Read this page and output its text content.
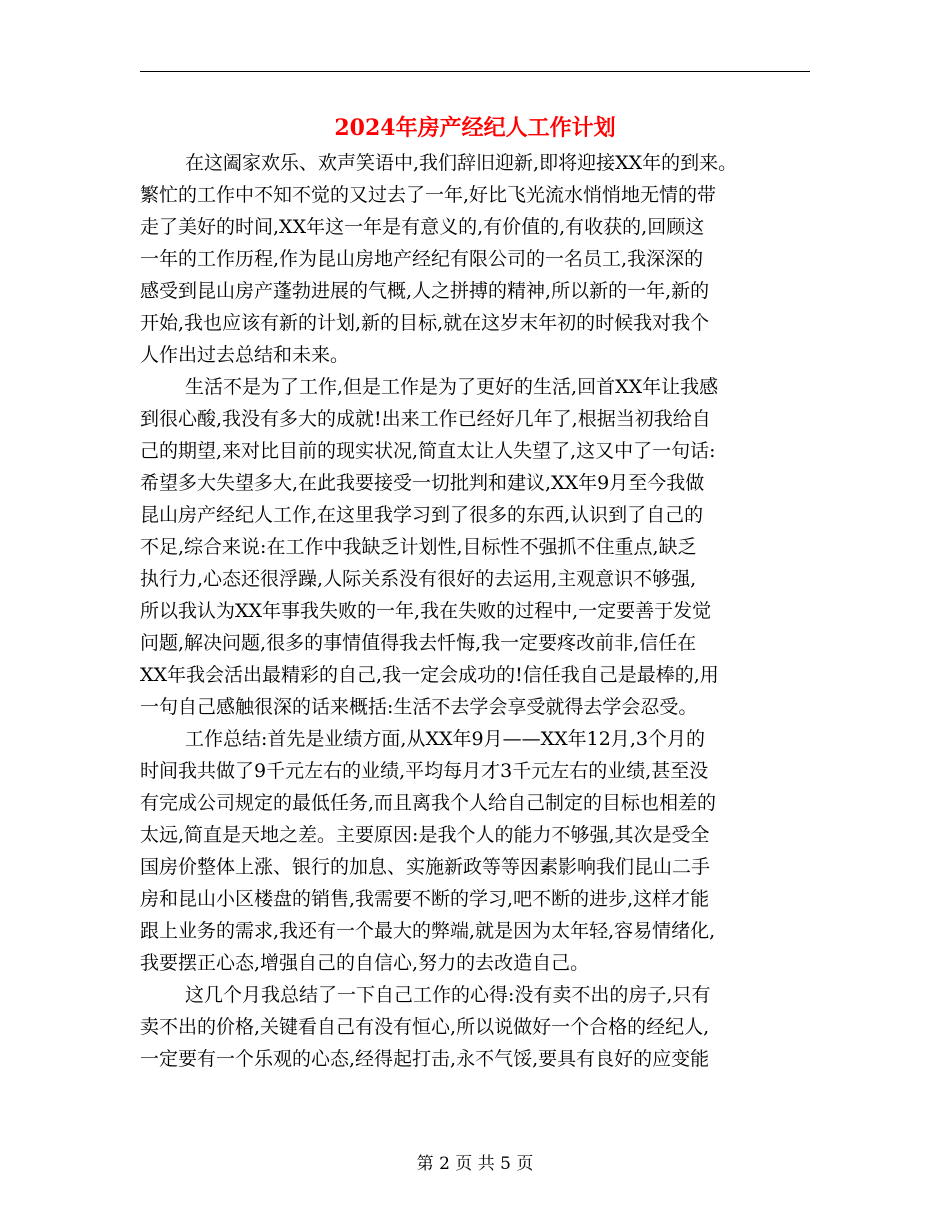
2024年房产经纪人工作计划
在这阖家欢乐、欢声笑语中,我们辞旧迎新,即将迎接XX年的到来。
繁忙的工作中不知不觉的又过去了一年,好比飞光流水悄悄地无情的带
走了美好的时间,XX年这一年是有意义的,有价值的,有收获的,回顾这
一年的工作历程,作为昆山房地产经纪有限公司的一名员工,我深深的
感受到昆山房产蓬勃进展的气概,人之拼搏的精神,所以新的一年,新的
开始,我也应该有新的计划,新的目标,就在这岁末年初的时候我对我个
人作出过去总结和未来。
生活不是为了工作,但是工作是为了更好的生活,回首XX年让我感
到很心酸,我没有多大的成就!出来工作已经好几年了,根据当初我给自
己的期望,来对比目前的现实状况,简直太让人失望了,这又中了一句话:
希望多大失望多大,在此我要接受一切批判和建议,XX年9月至今我做
昆山房产经纪人工作,在这里我学习到了很多的东西,认识到了自己的
不足,综合来说:在工作中我缺乏计划性,目标性不强抓不住重点,缺乏
执行力,心态还很浮躁,人际关系没有很好的去运用,主观意识不够强,
所以我认为XX年事我失败的一年,我在失败的过程中,一定要善于发觉
问题,解决问题,很多的事情值得我去忏悔,我一定要疼改前非,信任在
XX年我会活出最精彩的自己,我一定会成功的!信任我自己是最棒的,用
一句自己感触很深的话来概括:生活不去学会享受就得去学会忍受。
工作总结:首先是业绩方面,从XX年9月——XX年12月,3个月的
时间我共做了9千元左右的业绩,平均每月才3千元左右的业绩,甚至没
有完成公司规定的最低任务,而且离我个人给自己制定的目标也相差的
太远,简直是天地之差。主要原因:是我个人的能力不够强,其次是受全
国房价整体上涨、银行的加息、实施新政等等因素影响我们昆山二手
房和昆山小区楼盘的销售,我需要不断的学习,吧不断的进步,这样才能
跟上业务的需求,我还有一个最大的弊端,就是因为太年轻,容易情绪化,
我要摆正心态,增强自己的自信心,努力的去改造自己。
这几个月我总结了一下自己工作的心得:没有卖不出的房子,只有
卖不出的价格,关键看自己有没有恒心,所以说做好一个合格的经纪人,
一定要有一个乐观的心态,经得起打击,永不气馁,要具有良好的应变能
第 2 页 共 5 页
